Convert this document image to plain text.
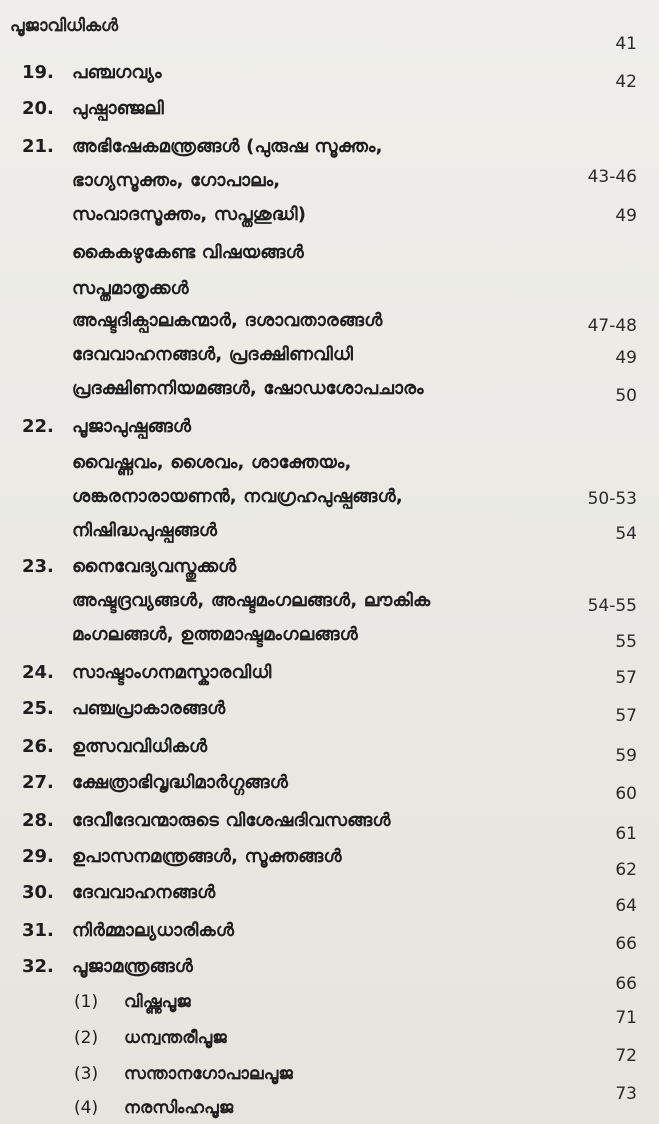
പൂജാവിധികൾ
19. പഞ്ചഗവ്യം
20. പുഷ്പാഞ്ജലി
21. അഭിഷേകമന്ത്രങ്ങൾ (പുരുഷ സൂക്തം,
ഭാഗ്യസൂക്തം, ഗോപാലം,
സംവാദസൂക്തം, സപ്തശുദ്ധി)
കൈകഴുകേണ്ട വിഷയങ്ങൾ
സപ്തമാതൃക്കൾ
അഷ്ടദിക്പാലകന്മാർ, ദശാവതാരങ്ങൾ
ദേവവാഹനങ്ങൾ, പ്രദക്ഷിണവിധി
പ്രദക്ഷിണനിയമങ്ങൾ, ഷോഡശോപചാരം
22. പൂജാപുഷ്പങ്ങൾ
വൈഷ്ണവം, ശൈവം, ശാക്തേയം,
ശങ്കരനാരായണൻ, നവഗ്രഹപുഷ്പങ്ങൾ,
നിഷിദ്ധപുഷ്പങ്ങൾ
23. നൈവേദ്യവസ്തുക്കൾ
അഷ്ടദ്രവ്യങ്ങൾ, അഷ്ടമംഗലങ്ങൾ, ലൗകിക
മംഗലങ്ങൾ, ഉത്തമാഷ്ടമംഗലങ്ങൾ
24. സാഷ്ടാംഗനമസ്കാരവിധി
25. പഞ്ചപ്രാകാരങ്ങൾ
26. ഉത്സവവിധികൾ
27. ക്ഷേത്രാഭിവൃദ്ധിമാർഗ്ഗങ്ങൾ
28. ദേവീദേവന്മാരുടെ വിശേഷദിവസങ്ങൾ
29. ഉപാസനമന്ത്രങ്ങൾ, സൂക്തങ്ങൾ
30. ദേവവാഹനങ്ങൾ
31. നിർമ്മാല്യധാരികൾ
32. പൂജാമന്ത്രങ്ങൾ
(1) വിഷ്ണുപൂജ
(2) ധന്വന്തരീപൂജ
(3) സന്താനഗോപാലപൂജ
(4) നരസിംഹപൂജ
41
42
43-46
49
47-48
49
50
50-53
54
54-55
55
57
57
59
60
61
62
64
66
66
71
72
73
